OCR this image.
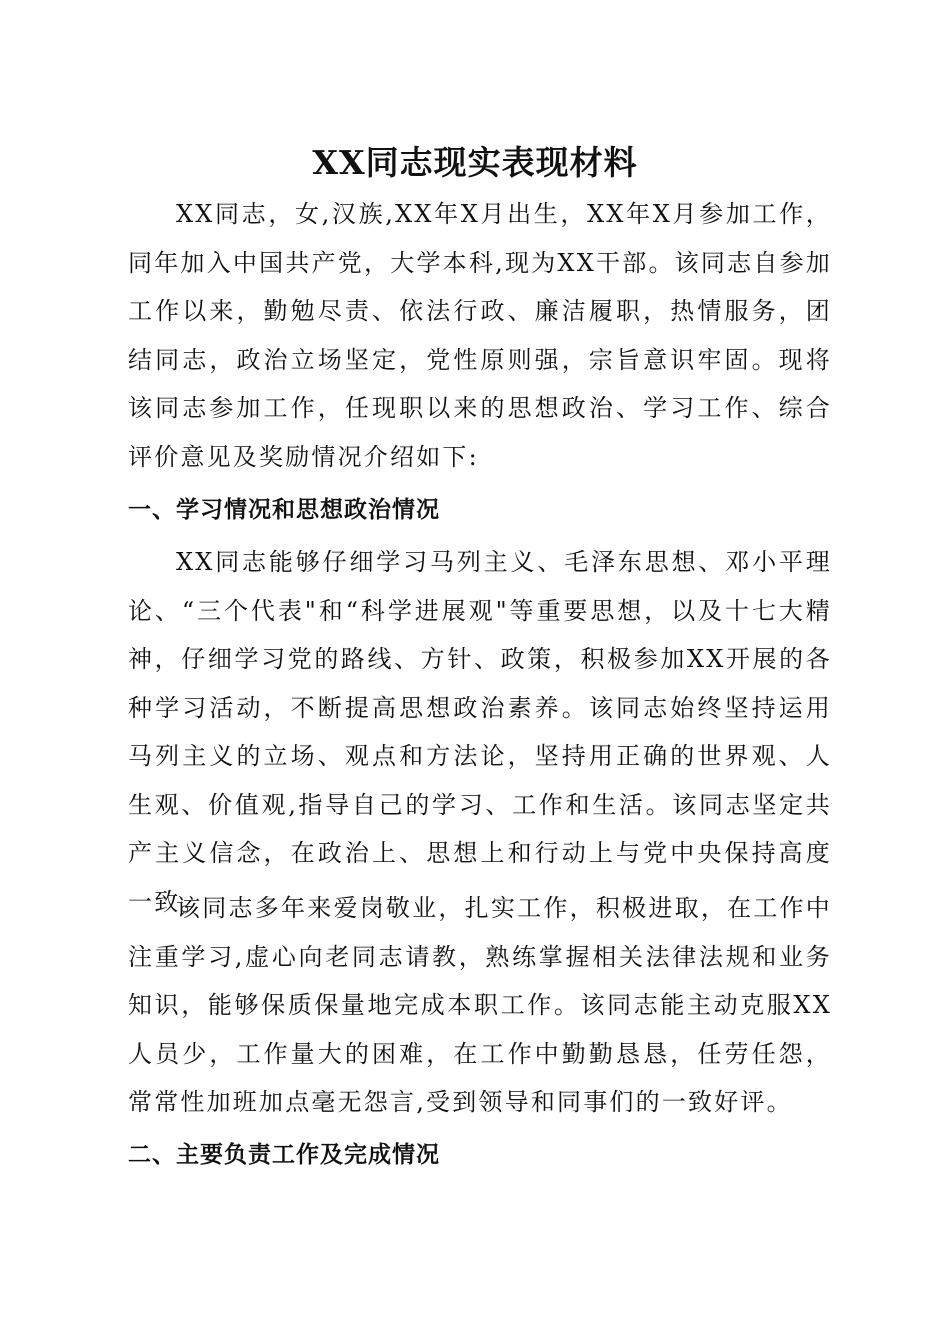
XX同志现实表现材料

XX同志，女,汉族,XX年X月出生，XX年X月参加工作，同年加入中国共产党，大学本科,现为XX干部。该同志自参加工作以来，勤勉尽责、依法行政、廉洁履职，热情服务，团结同志，政治立场坚定，党性原则强，宗旨意识牢固。现将该同志参加工作，任现职以来的思想政治、学习工作、综合评价意见及奖励情况介绍如下:

一、学习情况和思想政治情况

XX同志能够仔细学习马列主义、毛泽东思想、邓小平理论、“三个代表"和“科学进展观"等重要思想，以及十七大精神，仔细学习党的路线、方针、政策，积极参加XX开展的各种学习活动，不断提高思想政治素养。该同志始终坚持运用马列主义的立场、观点和方法论，坚持用正确的世界观、人生观、价值观,指导自己的学习、工作和生活。该同志坚定共产主义信念，在政治上、思想上和行动上与党中央保持高度一致。

该同志多年来爱岗敬业，扎实工作，积极进取，在工作中注重学习,虚心向老同志请教，熟练掌握相关法律法规和业务知识，能够保质保量地完成本职工作。该同志能主动克服XX人员少，工作量大的困难，在工作中勤勤恳恳，任劳任怨，常常性加班加点毫无怨言,受到领导和同事们的一致好评。

二、主要负责工作及完成情况
